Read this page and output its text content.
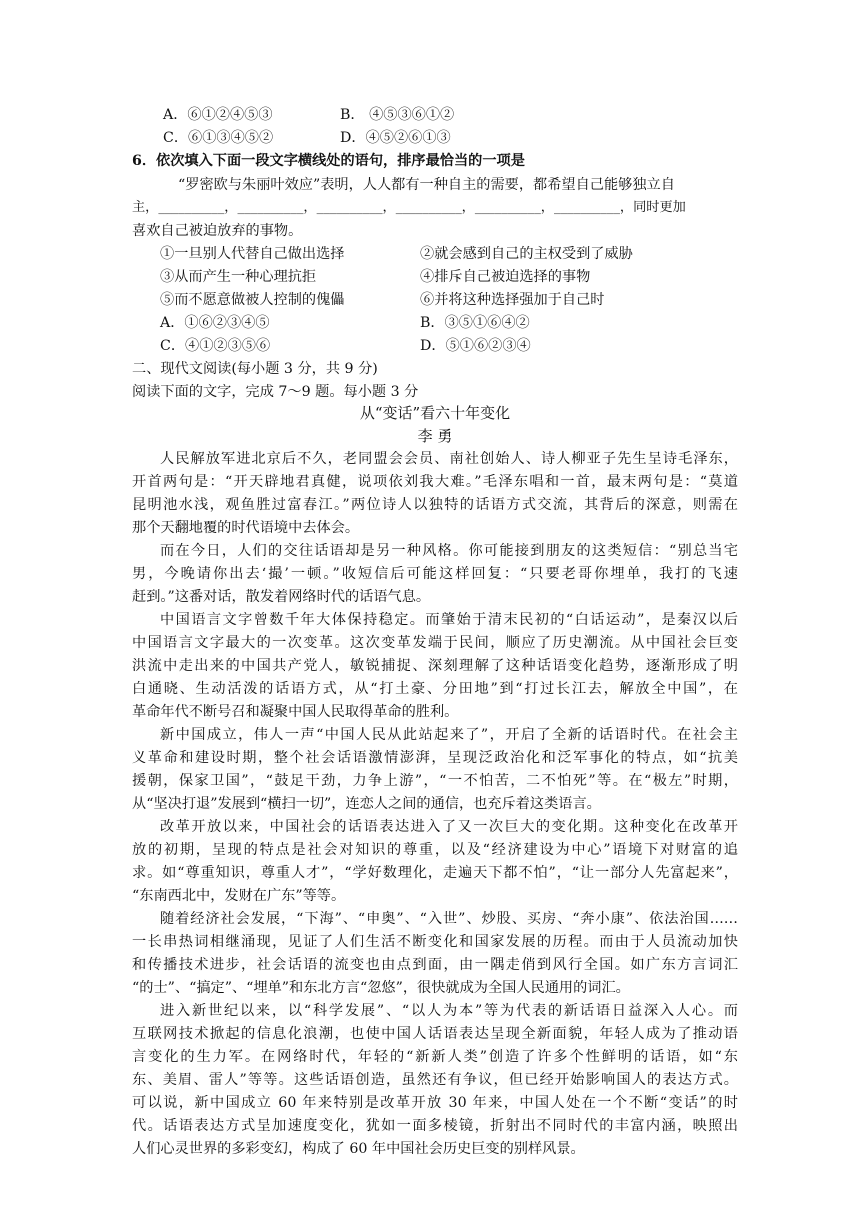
A．⑥①②④⑤③	B． ④⑤③⑥①②
C．⑥①③④⑤②	D．④⑤②⑥①③
6．依次填入下面一段文字横线处的语句，排序最恰当的一项是
“罗密欧与朱丽叶效应”表明，人人都有一种自主的需要，都希望自己能够独立自
主，__________，__________，__________，__________，__________，__________，同时更加
喜欢自己被迫放弃的事物。
①一旦别人代替自己做出选择	②就会感到自己的主权受到了威胁
③从而产生一种心理抗拒	④排斥自己被迫选择的事物
⑤而不愿意做被人控制的傀儡	⑥并将这种选择强加于自己时
A．①⑥②③④⑤	B．③⑤①⑥④②
C．④①②③⑤⑥	D．⑤①⑥②③④
二、现代文阅读(每小题 3 分，共 9 分)
阅读下面的文字，完成 7～9 题。每小题 3 分
从“变话”看六十年变化
李 勇
人民解放军进北京后不久，老同盟会会员、南社创始人、诗人柳亚子先生呈诗毛泽东，
开首两句是：“开天辟地君真健，说项依刘我大难。”毛泽东唱和一首，最末两句是：“莫道
昆明池水浅，观鱼胜过富春江。”两位诗人以独特的话语方式交流，其背后的深意，则需在
那个天翻地覆的时代语境中去体会。
而在今日，人们的交往话语却是另一种风格。你可能接到朋友的这类短信：“别总当宅
男，今晚请你出去‘撮’一顿。”收短信后可能这样回复：“只要老哥你埋单，我打的飞速
赶到。”这番对话，散发着网络时代的话语气息。
中国语言文字曾数千年大体保持稳定。而肇始于清末民初的“白话运动”，是秦汉以后
中国语言文字最大的一次变革。这次变革发端于民间，顺应了历史潮流。从中国社会巨变
洪流中走出来的中国共产党人，敏锐捕捉、深刻理解了这种话语变化趋势，逐渐形成了明
白通晓、生动活泼的话语方式，从“打土豪、分田地”到“打过长江去，解放全中国”，在
革命年代不断号召和凝聚中国人民取得革命的胜利。
新中国成立，伟人一声“中国人民从此站起来了”，开启了全新的话语时代。在社会主
义革命和建设时期，整个社会话语激情澎湃，呈现泛政治化和泛军事化的特点，如“抗美
援朝，保家卫国”，“鼓足干劲，力争上游”，“一不怕苦，二不怕死”等。在“极左”时期，
从“坚决打退”发展到“横扫一切”，连恋人之间的通信，也充斥着这类语言。
改革开放以来，中国社会的话语表达进入了又一次巨大的变化期。这种变化在改革开
放的初期，呈现的特点是社会对知识的尊重，以及“经济建设为中心”语境下对财富的追
求。如“尊重知识，尊重人才”，“学好数理化，走遍天下都不怕”，“让一部分人先富起来”，
“东南西北中，发财在广东”等等。
随着经济社会发展，“下海”、“申奥”、“入世”、炒股、买房、“奔小康”、依法治国……
一长串热词相继涌现，见证了人们生活不断变化和国家发展的历程。而由于人员流动加快
和传播技术进步，社会话语的流变也由点到面，由一隅走俏到风行全国。如广东方言词汇
“的士”、“搞定”、“埋单”和东北方言“忽悠”，很快就成为全国人民通用的词汇。
进入新世纪以来，以“科学发展”、“以人为本”等为代表的新话语日益深入人心。而
互联网技术掀起的信息化浪潮，也使中国人话语表达呈现全新面貌，年轻人成为了推动语
言变化的生力军。在网络时代，年轻的“新新人类”创造了许多个性鲜明的话语，如“东
东、美眉、雷人”等等。这些话语创造，虽然还有争议，但已经开始影响国人的表达方式。
可以说，新中国成立 60 年来特别是改革开放 30 年来，中国人处在一个不断“变话”的时
代。话语表达方式呈加速度变化，犹如一面多棱镜，折射出不同时代的丰富内涵，映照出
人们心灵世界的多彩变幻，构成了 60 年中国社会历史巨变的别样风景。
